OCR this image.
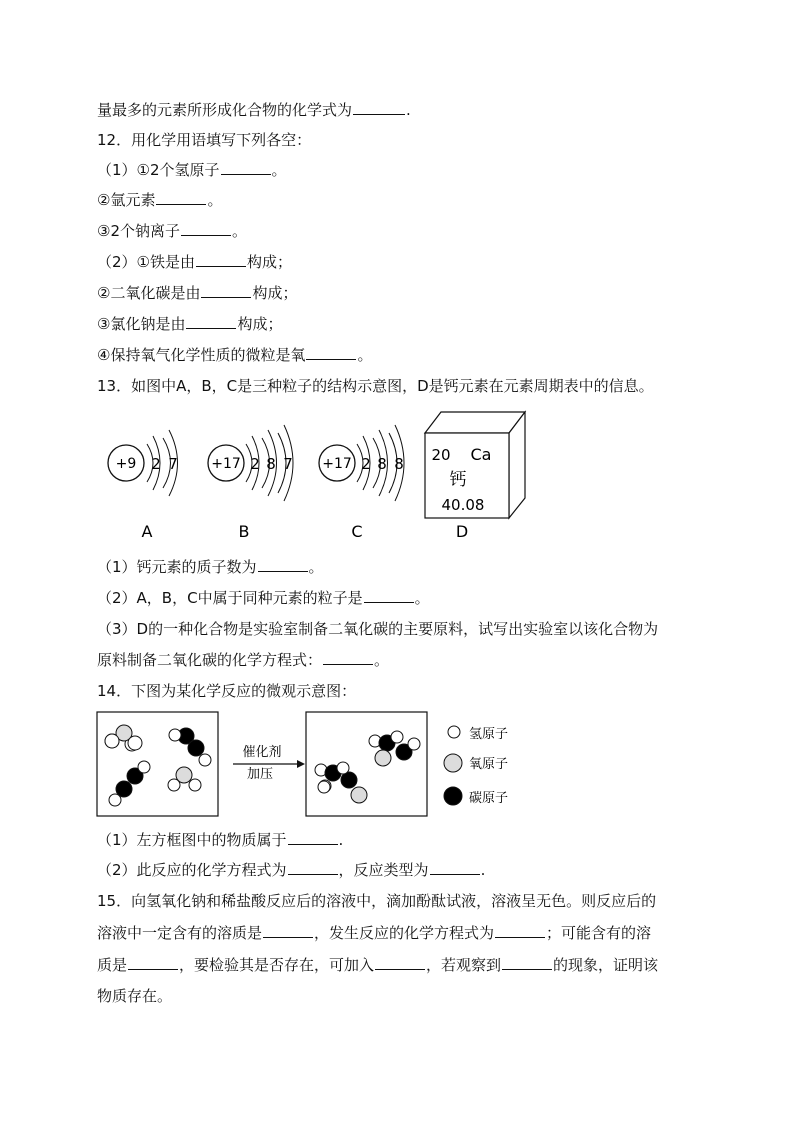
量最多的元素所形成化合物的化学式为	.
12．用化学用语填写下列各空：
（1）①2个氢原子	。
②氩元素	。
③2个钠离子	。
（2）①铁是由	构成；
②二氧化碳是由	构成；
③氯化钠是由	构成；
④保持氧气化学性质的微粒是氧	。
13．如图中A，B，C是三种粒子的结构示意图，D是钙元素在元素周期表中的信息。
+9 2 7
A
+17 2 8 7
B
+17 2 8 8
C
20 Ca
钙
40.08
D
（1）钙元素的质子数为	。
（2）A，B，C中属于同种元素的粒子是	。
（3）D的一种化合物是实验室制备二氧化碳的主要原料，试写出实验室以该化合物为
原料制备二氧化碳的化学方程式：	。
14．下图为某化学反应的微观示意图：
催化剂
加压
氢原子
氧原子
碳原子
（1）左方框图中的物质属于	.
（2）此反应的化学方程式为	，反应类型为	.
15．向氢氧化钠和稀盐酸反应后的溶液中，滴加酚酞试液，溶液呈无色。则反应后的
溶液中一定含有的溶质是	，发生反应的化学方程式为	；可能含有的溶
质是	，要检验其是否存在，可加入	，若观察到	的现象，证明该
物质存在。
